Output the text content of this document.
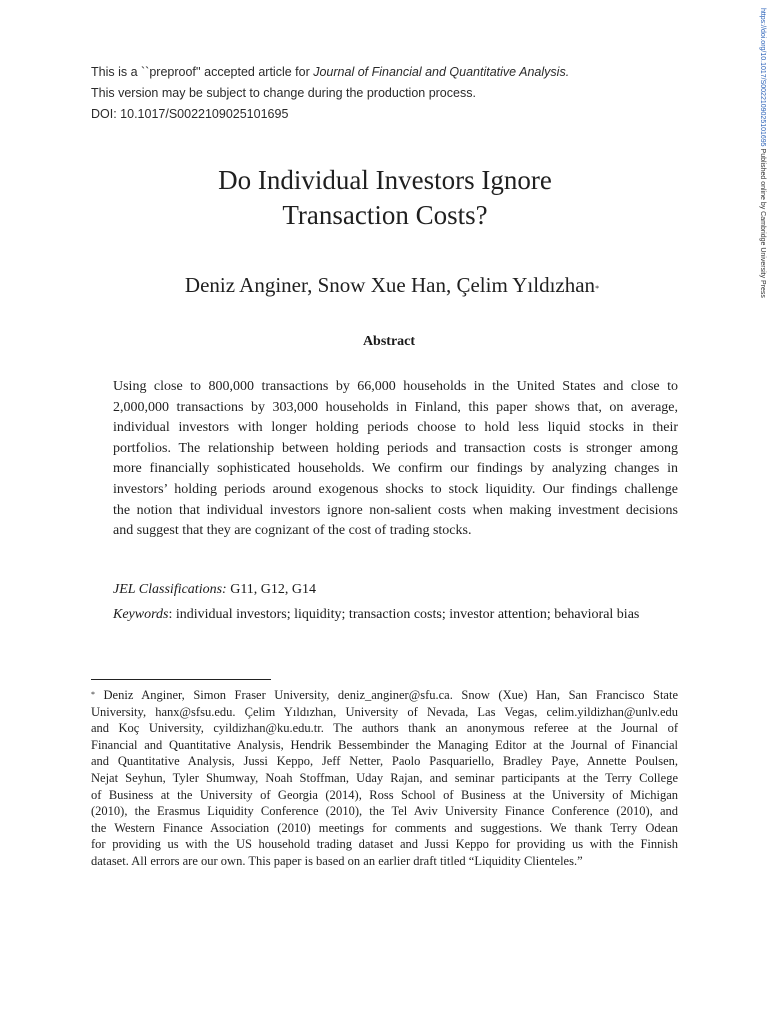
This is a ``preproof'' accepted article for Journal of Financial and Quantitative Analysis.
This version may be subject to change during the production process.
DOI: 10.1017/S0022109025101695	https://doi.org/10.1017/S0022109025101695 Published online by Cambridge University Press
Do Individual Investors Ignore
Transaction Costs?
Deniz Anginer, Snow Xue Han, Çelim Yıldızhan*
Abstract
Using close to 800,000 transactions by 66,000 households in the United States and close to
2,000,000 transactions by 303,000 households in Finland, this paper shows that, on average,
individual investors with longer holding periods choose to hold less liquid stocks in their
portfolios. The relationship between holding periods and transaction costs is stronger among
more financially sophisticated households. We confirm our findings by analyzing changes in
investors’ holding periods around exogenous shocks to stock liquidity. Our findings challenge
the notion that individual investors ignore non-salient costs when making investment decisions
and suggest that they are cognizant of the cost of trading stocks.
JEL Classifications: G11, G12, G14
Keywords: individual investors; liquidity; transaction costs; investor attention; behavioral bias
* Deniz Anginer, Simon Fraser University, deniz_anginer@sfu.ca. Snow (Xue) Han, San Francisco State
University, hanx@sfsu.edu. Çelim Yıldızhan, University of Nevada, Las Vegas, celim.yildizhan@unlv.edu
and Koç University, cyildizhan@ku.edu.tr. The authors thank an anonymous referee at the Journal of
Financial and Quantitative Analysis, Hendrik Bessembinder the Managing Editor at the Journal of Financial
and Quantitative Analysis, Jussi Keppo, Jeff Netter, Paolo Pasquariello, Bradley Paye, Annette Poulsen,
Nejat Seyhun, Tyler Shumway, Noah Stoffman, Uday Rajan, and seminar participants at the Terry College
of Business at the University of Georgia (2014), Ross School of Business at the University of Michigan
(2010), the Erasmus Liquidity Conference (2010), the Tel Aviv University Finance Conference (2010), and
the Western Finance Association (2010) meetings for comments and suggestions. We thank Terry Odean
for providing us with the US household trading dataset and Jussi Keppo for providing us with the Finnish
dataset. All errors are our own. This paper is based on an earlier draft titled “Liquidity Clienteles.”
